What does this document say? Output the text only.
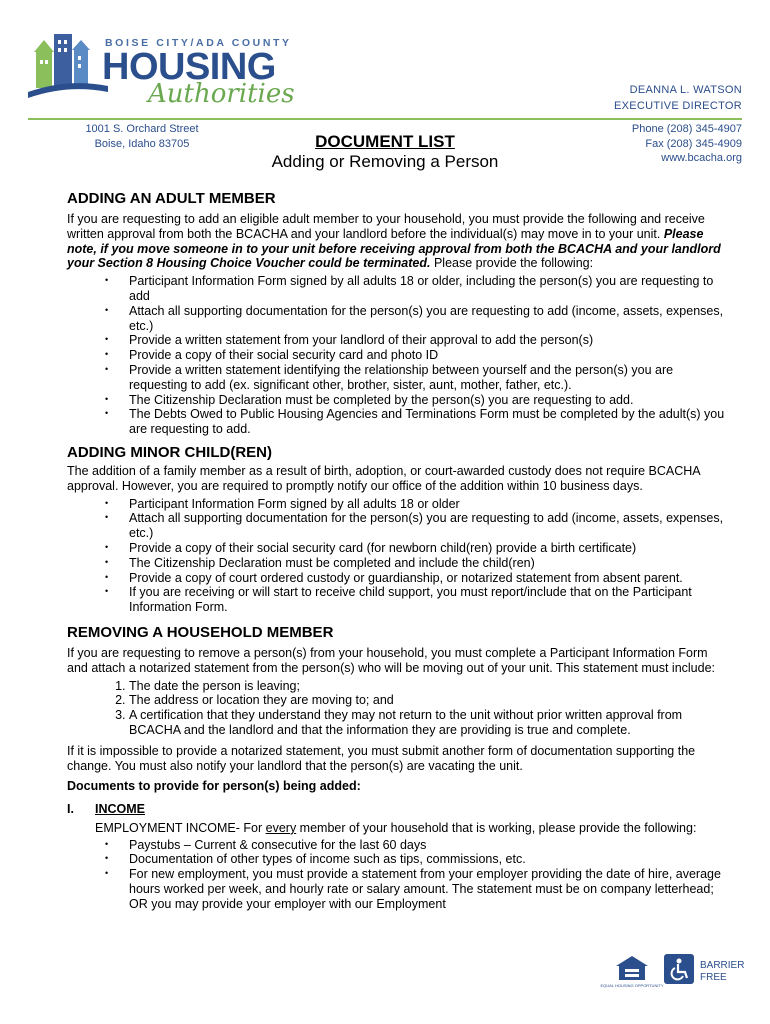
BOISE CITY/ADA COUNTY
HOUSING
Authorities	DEANNA L. WATSON
EXECUTIVE DIRECTOR
1001 S. Orchard Street
Boise, Idaho 83705
Phone (208) 345-4907
Fax (208) 345-4909
www.bcacha.org
DOCUMENT LIST
Adding or Removing a Person
ADDING AN ADULT MEMBER

If you are requesting to add an eligible adult member to your household, you must provide the following and receive written approval from both the BCACHA and your landlord before the individual(s) may move in to your unit. Please note, if you move someone in to your unit before receiving approval from both the BCACHA and your landlord your Section 8 Housing Choice Voucher could be terminated. Please provide the following:

• Participant Information Form signed by all adults 18 or older, including the person(s) you are requesting to add
• Attach all supporting documentation for the person(s) you are requesting to add (income, assets, expenses, etc.)
• Provide a written statement from your landlord of their approval to add the person(s)
• Provide a copy of their social security card and photo ID
• Provide a written statement identifying the relationship between yourself and the person(s) you are requesting to add (ex. significant other, brother, sister, aunt, mother, father, etc.).
• The Citizenship Declaration must be completed by the person(s) you are requesting to add.
• The Debts Owed to Public Housing Agencies and Terminations Form must be completed by the adult(s) you are requesting to add.
ADDING MINOR CHILD(REN)

The addition of a family member as a result of birth, adoption, or court-awarded custody does not require BCACHA approval. However, you are required to promptly notify our office of the addition within 10 business days.

• Participant Information Form signed by all adults 18 or older
• Attach all supporting documentation for the person(s) you are requesting to add (income, assets, expenses, etc.)
• Provide a copy of their social security card (for newborn child(ren) provide a birth certificate)
• The Citizenship Declaration must be completed and include the child(ren)
• Provide a copy of court ordered custody or guardianship, or notarized statement from absent parent.
• If you are receiving or will start to receive child support, you must report/include that on the Participant Information Form.
REMOVING A HOUSEHOLD MEMBER

If you are requesting to remove a person(s) from your household, you must complete a Participant Information Form and attach a notarized statement from the person(s) who will be moving out of your unit. This statement must include:

1. The date the person is leaving;
2. The address or location they are moving to; and
3. A certification that they understand they may not return to the unit without prior written approval from BCACHA and the landlord and that the information they are providing is true and complete.

If it is impossible to provide a notarized statement, you must submit another form of documentation supporting the change. You must also notify your landlord that the person(s) are vacating the unit.

Documents to provide for person(s) being added:

I.	INCOME

EMPLOYMENT INCOME- For every member of your household that is working, please provide the following:

• Paystubs – Current & consecutive for the last 60 days
• Documentation of other types of income such as tips, commissions, etc.
• For new employment, you must provide a statement from your employer providing the date of hire, average hours worked per week, and hourly rate or salary amount. The statement must be on company letterhead; OR you may provide your employer with our Employment
EQUAL HOUSING OPPORTUNITY
BARRIER
FREE
